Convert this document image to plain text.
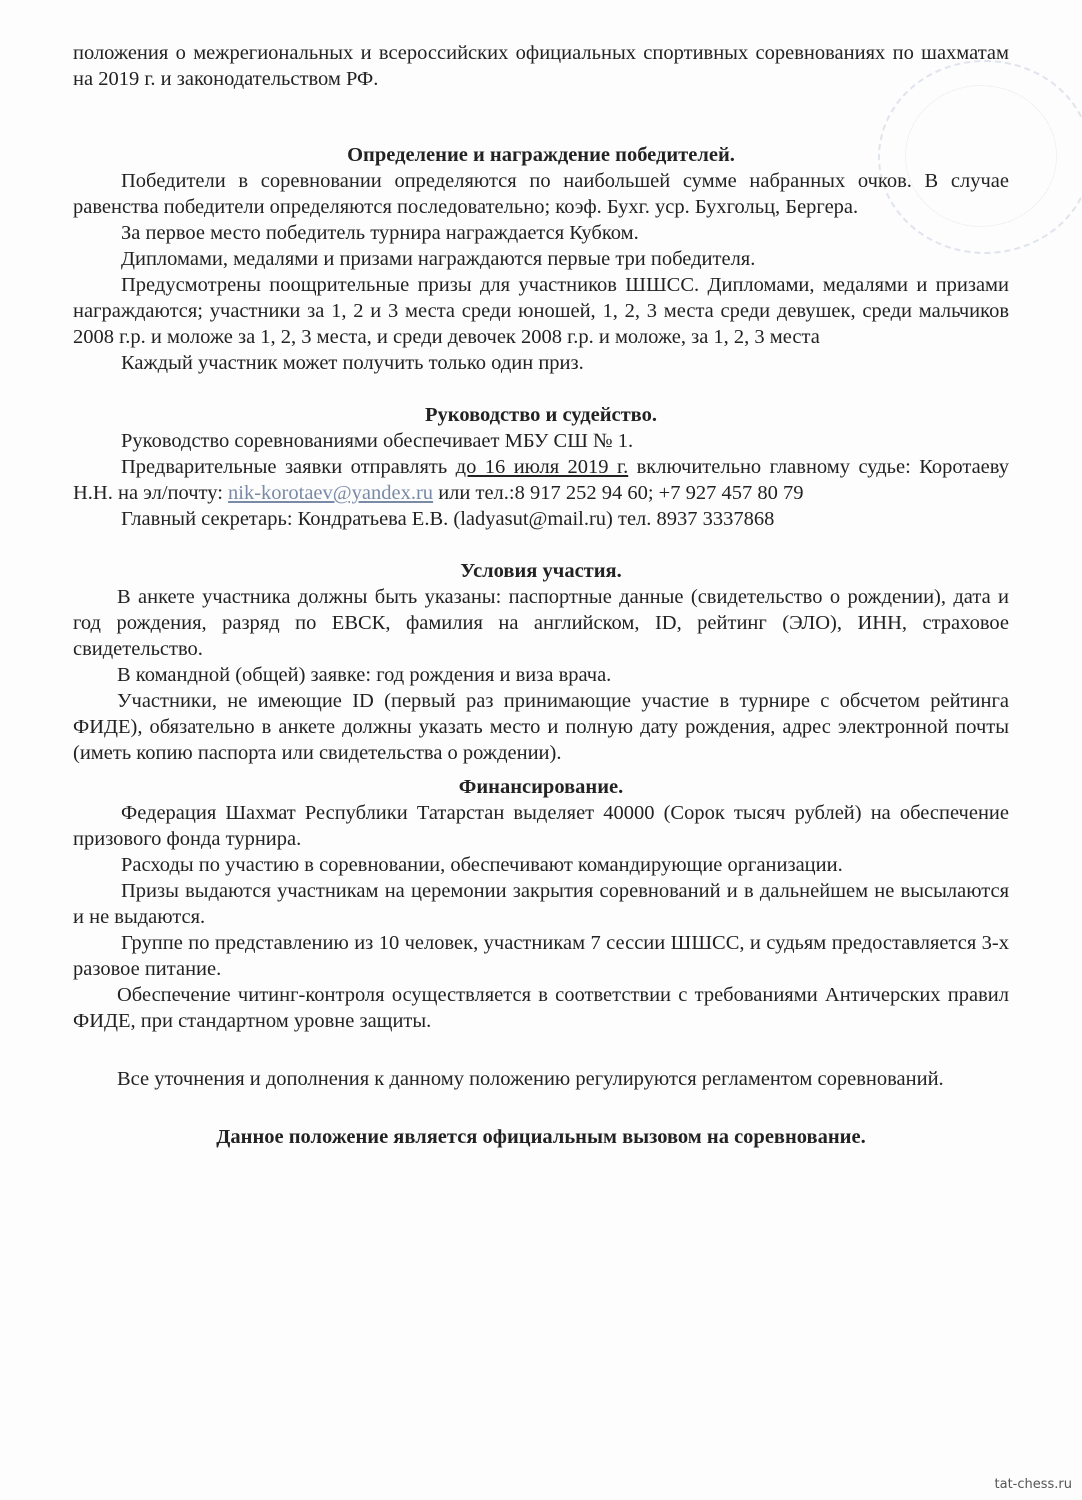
положения о межрегиональных и всероссийских официальных спортивных соревнованиях по шахматам на 2019 г. и законодательством РФ.

Определение и награждение победителей.

Победители в соревновании определяются по наибольшей сумме набранных очков. В случае равенства победители определяются последовательно; коэф. Бухг. уср. Бухгольц, Бергера.

За первое место победитель турнира награждается Кубком.

Дипломами, медалями и призами награждаются первые три победителя.

Предусмотрены поощрительные призы для участников ШШСС. Дипломами, медалями и призами награждаются; участники за 1, 2 и 3 места среди юношей, 1, 2, 3 места среди девушек, среди мальчиков 2008 г.р. и моложе за 1, 2, 3 места, и среди девочек 2008 г.р. и моложе, за 1, 2, 3 места

Каждый участник может получить только один приз.

Руководство и судейство.

Руководство соревнованиями обеспечивает МБУ СШ № 1.

Предварительные заявки отправлять до 16 июля 2019 г. включительно главному судье: Коротаеву Н.Н. на эл/почту: nik-korotaev@yandex.ru или тел.:8 917 252 94 60; +7 927 457 80 79

Главный секретарь: Кондратьева Е.В. (ladyasut@mail.ru) тел. 8937 3337868

Условия участия.

В анкете участника должны быть указаны: паспортные данные (свидетельство о рождении), дата и год рождения, разряд по ЕВСК, фамилия на английском, ID, рейтинг (ЭЛО), ИНН, страховое свидетельство.

В командной (общей) заявке: год рождения и виза врача.

Участники, не имеющие ID (первый раз принимающие участие в турнире с обсчетом рейтинга ФИДЕ), обязательно в анкете должны указать место и полную дату рождения, адрес электронной почты (иметь копию паспорта или свидетельства о рождении).

Финансирование.

Федерация Шахмат Республики Татарстан выделяет 40000 (Сорок тысяч рублей) на обеспечение призового фонда турнира.

Расходы по участию в соревновании, обеспечивают командирующие организации.

Призы выдаются участникам на церемонии закрытия соревнований и в дальнейшем не высылаются и не выдаются.

Группе по представлению из 10 человек, участникам 7 сессии ШШСС, и судьям предоставляется 3-х разовое питание.

Обеспечение читинг-контроля осуществляется в соответствии с требованиями Античерских правил ФИДЕ, при стандартном уровне защиты.

Все уточнения и дополнения к данному положению регулируются регламентом соревнований.

Данное положение является официальным вызовом на соревнование.

tat-chess.ru
